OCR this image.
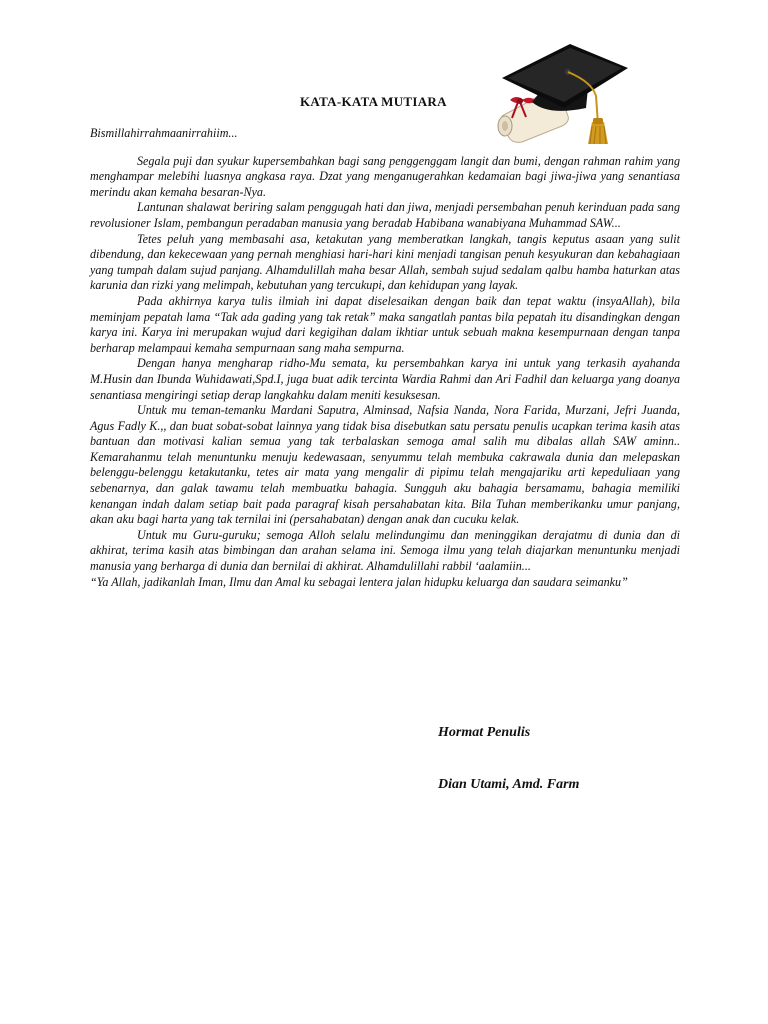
KATA-KATA MUTIARA

Bismillahirrahmaanirrahiim...

Segala puji dan syukur kupersembahkan bagi sang penggenggam langit dan bumi, dengan rahman rahim yang menghampar melebihi luasnya angkasa raya. Dzat yang menganugerahkan kedamaian bagi jiwa-jiwa yang senantiasa merindu akan kemaha besaran-Nya.

Lantunan shalawat beriring salam penggugah hati dan jiwa, menjadi persembahan penuh kerinduan pada sang revolusioner Islam, pembangun peradaban manusia yang beradab Habibana wanabiyana Muhammad SAW...

Tetes peluh yang membasahi asa, ketakutan yang memberatkan langkah, tangis keputus asaan yang sulit dibendung, dan kekecewaan yang pernah menghiasi hari-hari kini menjadi tangisan penuh kesyukuran dan kebahagiaan yang tumpah dalam sujud panjang. Alhamdulillah maha besar Allah, sembah sujud sedalam qalbu hamba haturkan atas karunia dan rizki yang melimpah, kebutuhan yang tercukupi, dan kehidupan yang layak.

Pada akhirnya karya tulis ilmiah ini dapat diselesaikan dengan baik dan tepat waktu (insyaAllah), bila meminjam pepatah lama “Tak ada gading yang tak retak” maka sangatlah pantas bila pepatah itu disandingkan dengan karya ini. Karya ini merupakan wujud dari kegigihan dalam ikhtiar untuk sebuah makna kesempurnaan dengan tanpa berharap melampaui kemaha sempurnaan sang maha sempurna.

Dengan hanya mengharap ridho-Mu semata, ku persembahkan karya ini untuk yang terkasih ayahanda M.Husin dan Ibunda Wuhidawati,Spd.I, juga buat adik tercinta Wardia Rahmi dan Ari Fadhil dan keluarga yang doanya senantiasa mengiringi setiap derap langkahku dalam meniti kesuksesan.

Untuk mu teman-temanku Mardani Saputra, Alminsad, Nafsia Nanda, Nora Farida, Murzani, Jefri Juanda, Agus Fadly K.,, dan buat sobat-sobat lainnya yang tidak bisa disebutkan satu persatu penulis ucapkan terima kasih atas bantuan dan motivasi kalian semua yang tak terbalaskan semoga amal salih mu dibalas allah SAW aminn.. Kemarahanmu telah menuntunku menuju kedewasaan, senyummu telah membuka cakrawala dunia dan melepaskan belenggu-belenggu ketakutanku, tetes air mata yang mengalir di pipimu telah mengajariku arti kepeduliaan yang sebenarnya, dan galak tawamu telah membuatku bahagia. Sungguh aku bahagia bersamamu, bahagia memiliki kenangan indah dalam setiap bait pada paragraf kisah persahabatan kita. Bila Tuhan memberikanku umur panjang, akan aku bagi harta yang tak ternilai ini (persahabatan) dengan anak dan cucuku kelak.

Untuk mu Guru-guruku; semoga Alloh selalu melindungimu dan meninggikan derajatmu di dunia dan di akhirat, terima kasih atas bimbingan dan arahan selama ini. Semoga ilmu yang telah diajarkan menuntunku menjadi manusia yang berharga di dunia dan bernilai di akhirat. Alhamdulillahi rabbil ‘aalamiin...

“Ya Allah, jadikanlah Iman, Ilmu dan Amal ku sebagai lentera jalan hidupku keluarga dan saudara seimanku”

Hormat Penulis
Dian Utami, Amd. Farm
